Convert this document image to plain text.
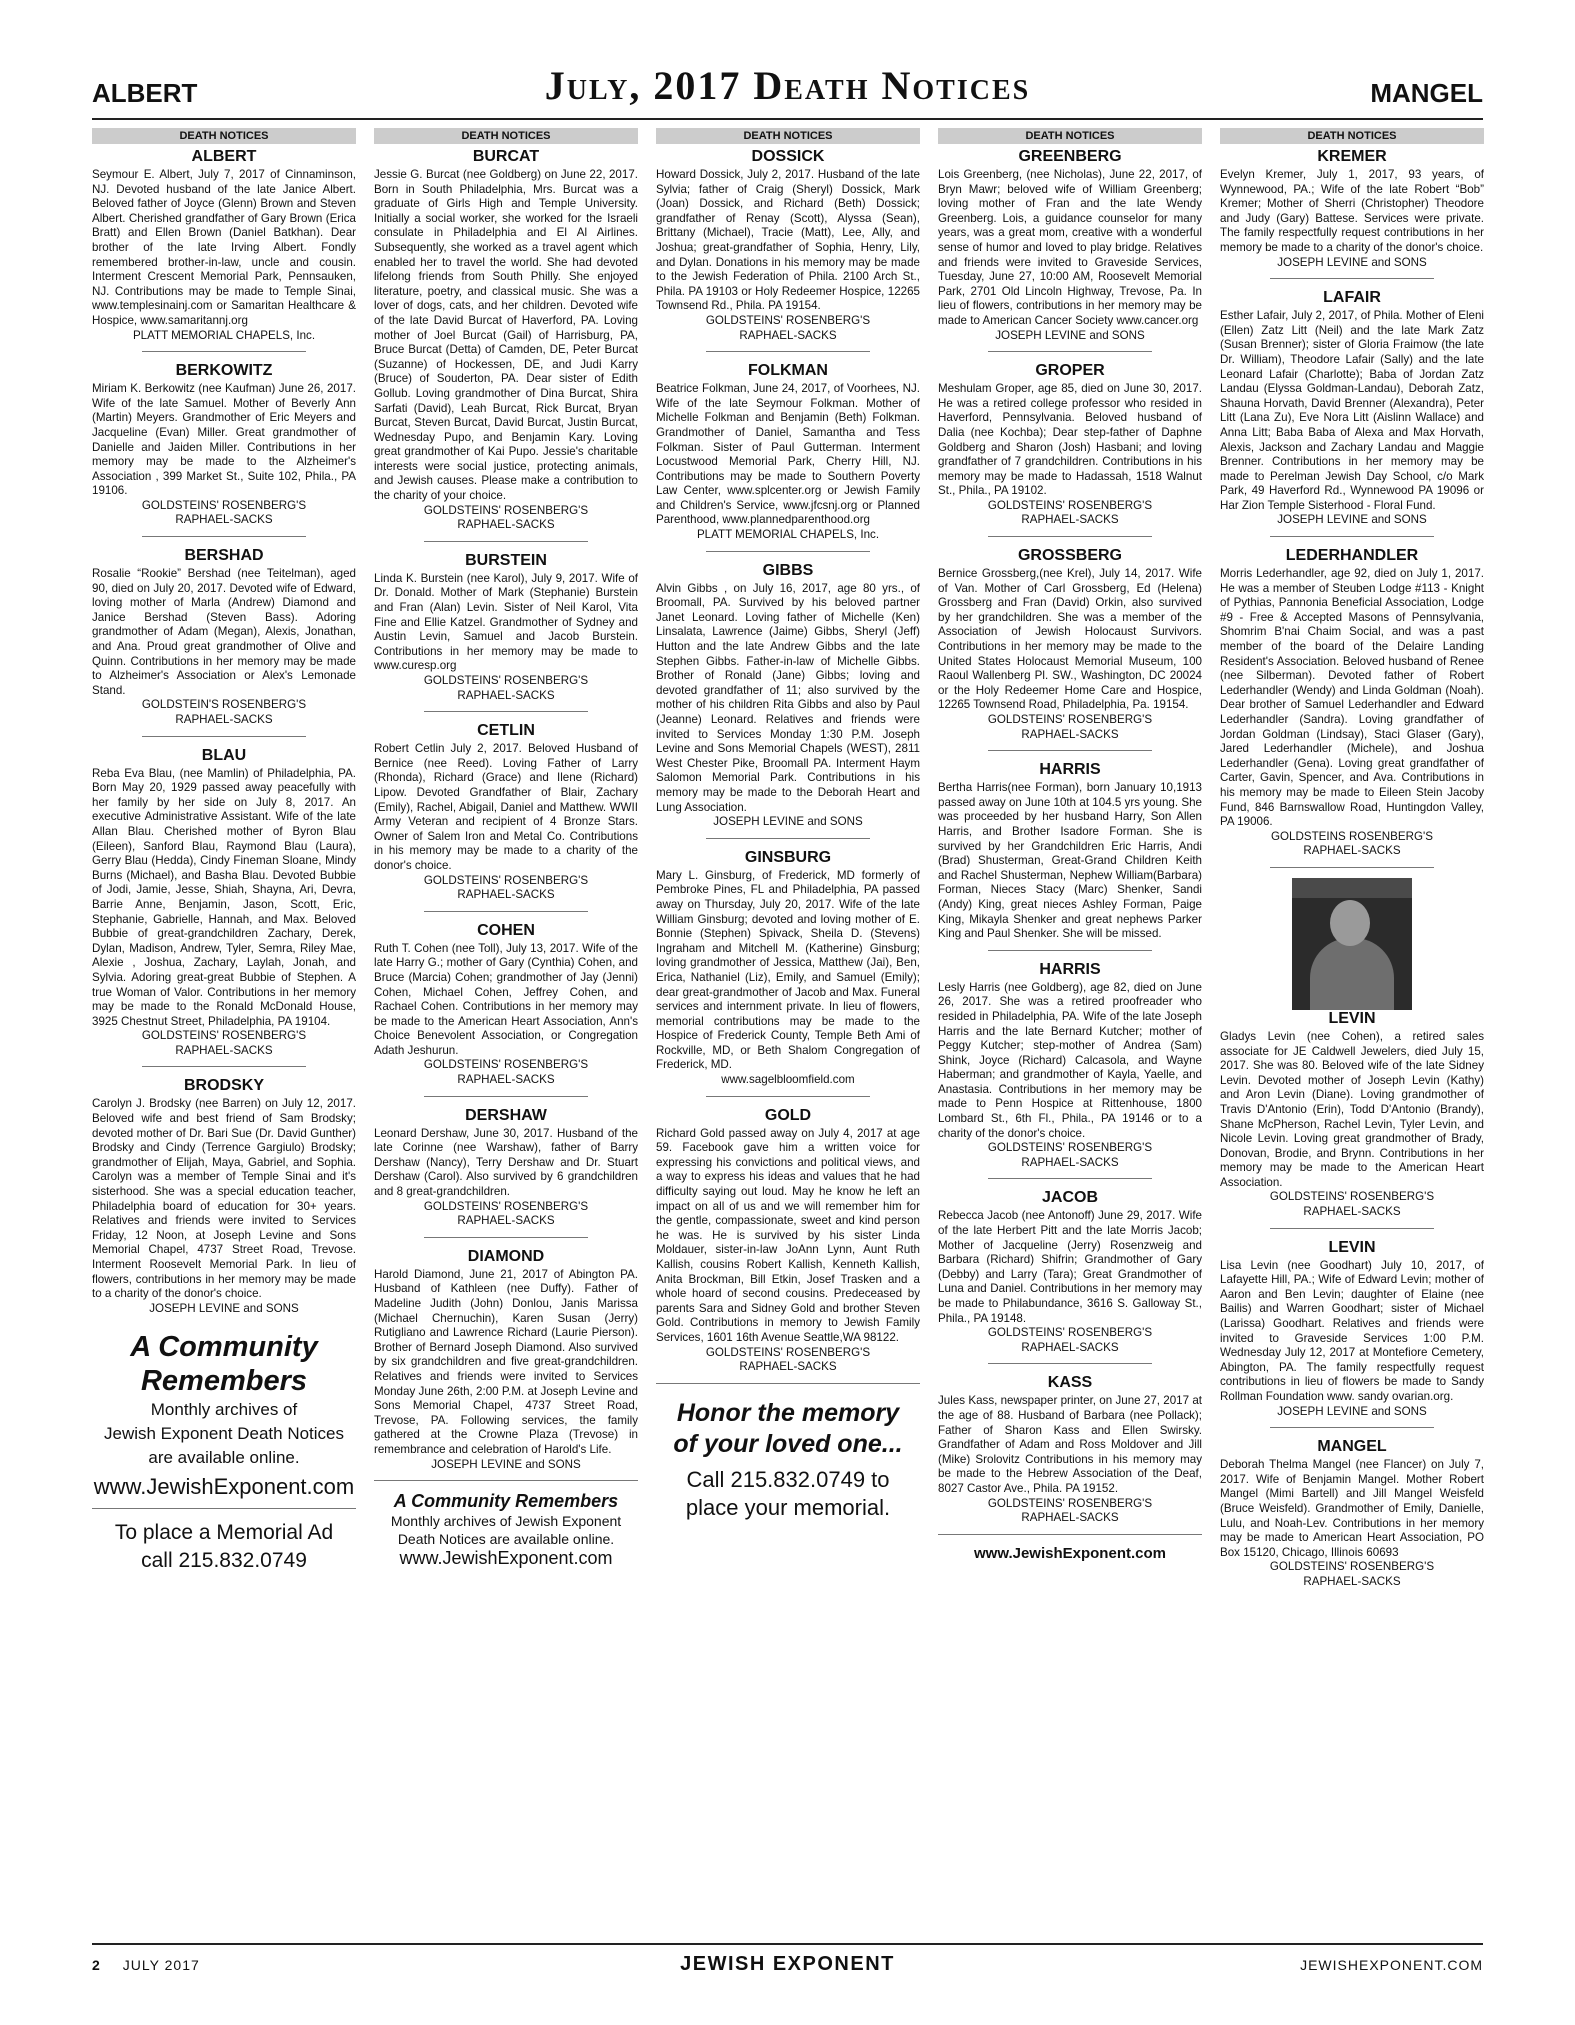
ALBERT	July, 2017 Death Notices	MANGEL
DEATH NOTICES
ALBERT
Seymour E. Albert, July 7, 2017 of Cinnaminson, NJ. Devoted husband of the late Janice Albert. Beloved father of Joyce (Glenn) Brown and Steven Albert. Cherished grandfather of Gary Brown (Erica Bratt) and Ellen Brown (Daniel Batkhan). Dear brother of the late Irving Albert. Fondly remembered brother-in-law, uncle and cousin. Interment Crescent Memorial Park, Pennsauken, NJ. Contributions may be made to Temple Sinai, www.templesinainj.com or Samaritan Healthcare & Hospice, www.samaritannj.org
PLATT MEMORIAL CHAPELS, Inc.
BERKOWITZ
Miriam K. Berkowitz (nee Kaufman) June 26, 2017. Wife of the late Samuel. Mother of Beverly Ann (Martin) Meyers. Grandmother of Eric Meyers and Jacqueline (Evan) Miller. Great grandmother of Danielle and Jaiden Miller. Contributions in her memory may be made to the Alzheimer's Association , 399 Market St., Suite 102, Phila., PA 19106.
GOLDSTEINS' ROSENBERG'S
RAPHAEL-SACKS
BERSHAD
Rosalie “Rookie” Bershad (nee Teitelman), aged 90, died on July 20, 2017. Devoted wife of Edward, loving mother of Marla (Andrew) Diamond and Janice Bershad (Steven Bass). Adoring grandmother of Adam (Megan), Alexis, Jonathan, and Ana. Proud great grandmother of Olive and Quinn. Contributions in her memory may be made to Alzheimer's Association or Alex's Lemonade Stand.
GOLDSTEIN'S ROSENBERG'S
RAPHAEL-SACKS
BLAU
Reba Eva Blau, (nee Mamlin) of Philadelphia, PA. Born May 20, 1929 passed away peacefully with her family by her side on July 8, 2017. An executive Administrative Assistant. Wife of the late Allan Blau. Cherished mother of Byron Blau (Eileen), Sanford Blau, Raymond Blau (Laura), Gerry Blau (Hedda), Cindy Fineman Sloane, Mindy Burns (Michael), and Basha Blau. Devoted Bubbie of Jodi, Jamie, Jesse, Shiah, Shayna, Ari, Devra, Barrie Anne, Benjamin, Jason, Scott, Eric, Stephanie, Gabrielle, Hannah, and Max. Beloved Bubbie of great-grandchildren Zachary, Derek, Dylan, Madison, Andrew, Tyler, Semra, Riley Mae, Alexie , Joshua, Zachary, Laylah, Jonah, and Sylvia. Adoring great-great Bubbie of Stephen. A true Woman of Valor. Contributions in her memory may be made to the Ronald McDonald House, 3925 Chestnut Street, Philadelphia, PA 19104.
GOLDSTEINS' ROSENBERG'S
RAPHAEL-SACKS
BRODSKY
Carolyn J. Brodsky (nee Barren) on July 12, 2017. Beloved wife and best friend of Sam Brodsky; devoted mother of Dr. Bari Sue (Dr. David Gunther) Brodsky and Cindy (Terrence Gargiulo) Brodsky; grandmother of Elijah, Maya, Gabriel, and Sophia. Carolyn was a member of Temple Sinai and it's sisterhood. She was a special education teacher, Philadelphia board of education for 30+ years. Relatives and friends were invited to Services Friday, 12 Noon, at Joseph Levine and Sons Memorial Chapel, 4737 Street Road, Trevose. Interment Roosevelt Memorial Park. In lieu of flowers, contributions in her memory may be made to a charity of the donor's choice.
JOSEPH LEVINE and SONS
A Community
Remembers
Monthly archives of
Jewish Exponent Death Notices
are available online.
www.JewishExponent.com
To place a Memorial Ad
call 215.832.0749
DEATH NOTICES
BURCAT
Jessie G. Burcat (nee Goldberg) on June 22, 2017. Born in South Philadelphia, Mrs. Burcat was a graduate of Girls High and Temple University. Initially a social worker, she worked for the Israeli consulate in Philadelphia and El Al Airlines. Subsequently, she worked as a travel agent which enabled her to travel the world. She had devoted lifelong friends from South Philly. She enjoyed literature, poetry, and classical music. She was a lover of dogs, cats, and her children. Devoted wife of the late David Burcat of Haverford, PA. Loving mother of Joel Burcat (Gail) of Harrisburg, PA, Bruce Burcat (Detta) of Camden, DE, Peter Burcat (Suzanne) of Hockessen, DE, and Judi Karry (Bruce) of Souderton, PA. Dear sister of Edith Gollub. Loving grandmother of Dina Burcat, Shira Sarfati (David), Leah Burcat, Rick Burcat, Bryan Burcat, Steven Burcat, David Burcat, Justin Burcat, Wednesday Pupo, and Benjamin Kary. Loving great grandmother of Kai Pupo. Jessie's charitable interests were social justice, protecting animals, and Jewish causes. Please make a contribution to the charity of your choice.
GOLDSTEINS' ROSENBERG'S
RAPHAEL-SACKS
BURSTEIN
Linda K. Burstein (nee Karol), July 9, 2017. Wife of Dr. Donald. Mother of Mark (Stephanie) Burstein and Fran (Alan) Levin. Sister of Neil Karol, Vita Fine and Ellie Katzel. Grandmother of Sydney and Austin Levin, Samuel and Jacob Burstein. Contributions in her memory may be made to www.curesp.org
GOLDSTEINS' ROSENBERG'S
RAPHAEL-SACKS
CETLIN
Robert Cetlin July 2, 2017. Beloved Husband of Bernice (nee Reed). Loving Father of Larry (Rhonda), Richard (Grace) and Ilene (Richard) Lipow. Devoted Grandfather of Blair, Zachary (Emily), Rachel, Abigail, Daniel and Matthew. WWII Army Veteran and recipient of 4 Bronze Stars. Owner of Salem Iron and Metal Co. Contributions in his memory may be made to a charity of the donor's choice.
GOLDSTEINS' ROSENBERG'S
RAPHAEL-SACKS
COHEN
Ruth T. Cohen (nee Toll), July 13, 2017. Wife of the late Harry G.; mother of Gary (Cynthia) Cohen, and Bruce (Marcia) Cohen; grandmother of Jay (Jenni) Cohen, Michael Cohen, Jeffrey Cohen, and Rachael Cohen. Contributions in her memory may be made to the American Heart Association, Ann's Choice Benevolent Association, or Congregation Adath Jeshurun.
GOLDSTEINS' ROSENBERG'S
RAPHAEL-SACKS
DERSHAW
Leonard Dershaw, June 30, 2017. Husband of the late Corinne (nee Warshaw), father of Barry Dershaw (Nancy), Terry Dershaw and Dr. Stuart Dershaw (Carol). Also survived by 6 grandchildren and 8 great-grandchildren.
GOLDSTEINS' ROSENBERG'S
RAPHAEL-SACKS
DIAMOND
Harold Diamond, June 21, 2017 of Abington PA. Husband of Kathleen (nee Duffy). Father of Madeline Judith (John) Donlou, Janis Marissa (Michael Chernuchin), Karen Susan (Jerry) Rutigliano and Lawrence Richard (Laurie Pierson). Brother of Bernard Joseph Diamond. Also survived by six grandchildren and five great-grandchildren. Relatives and friends were invited to Services Monday June 26th, 2:00 P.M. at Joseph Levine and Sons Memorial Chapel, 4737 Street Road, Trevose, PA. Following services, the family gathered at the Crowne Plaza (Trevose) in remembrance and celebration of Harold's Life.
JOSEPH LEVINE and SONS
A Community Remembers
Monthly archives of Jewish Exponent
Death Notices are available online.
www.JewishExponent.com
DEATH NOTICES
DOSSICK
Howard Dossick, July 2, 2017. Husband of the late Sylvia; father of Craig (Sheryl) Dossick, Mark (Joan) Dossick, and Richard (Beth) Dossick; grandfather of Renay (Scott), Alyssa (Sean), Brittany (Michael), Tracie (Matt), Lee, Ally, and Joshua; great-grandfather of Sophia, Henry, Lily, and Dylan. Donations in his memory may be made to the Jewish Federation of Phila. 2100 Arch St., Phila. PA 19103 or Holy Redeemer Hospice, 12265 Townsend Rd., Phila. PA 19154.
GOLDSTEINS' ROSENBERG'S
RAPHAEL-SACKS
FOLKMAN
Beatrice Folkman, June 24, 2017, of Voorhees, NJ. Wife of the late Seymour Folkman. Mother of Michelle Folkman and Benjamin (Beth) Folkman. Grandmother of Daniel, Samantha and Tess Folkman. Sister of Paul Gutterman. Interment Locustwood Memorial Park, Cherry Hill, NJ. Contributions may be made to Southern Poverty Law Center, www.splcenter.org or Jewish Family and Children's Service, www.jfcsnj.org or Planned Parenthood, www.plannedparenthood.org
PLATT MEMORIAL CHAPELS, Inc.
GIBBS
Alvin Gibbs , on July 16, 2017, age 80 yrs., of Broomall, PA. Survived by his beloved partner Janet Leonard. Loving father of Michelle (Ken) Linsalata, Lawrence (Jaime) Gibbs, Sheryl (Jeff) Hutton and the late Andrew Gibbs and the late Stephen Gibbs. Father-in-law of Michelle Gibbs. Brother of Ronald (Jane) Gibbs; loving and devoted grandfather of 11; also survived by the mother of his children Rita Gibbs and also by Paul (Jeanne) Leonard. Relatives and friends were invited to Services Monday 1:30 P.M. Joseph Levine and Sons Memorial Chapels (WEST), 2811 West Chester Pike, Broomall PA. Interment Haym Salomon Memorial Park. Contributions in his memory may be made to the Deborah Heart and Lung Association.
JOSEPH LEVINE and SONS
GINSBURG
Mary L. Ginsburg, of Frederick, MD formerly of Pembroke Pines, FL and Philadelphia, PA passed away on Thursday, July 20, 2017. Wife of the late William Ginsburg; devoted and loving mother of E. Bonnie (Stephen) Spivack, Sheila D. (Stevens) Ingraham and Mitchell M. (Katherine) Ginsburg; loving grandmother of Jessica, Matthew (Jai), Ben, Erica, Nathaniel (Liz), Emily, and Samuel (Emily); dear great-grandmother of Jacob and Max. Funeral services and internment private. In lieu of flowers, memorial contributions may be made to the Hospice of Frederick County, Temple Beth Ami of Rockville, MD, or Beth Shalom Congregation of Frederick, MD.
www.sagelbloomfield.com
GOLD
Richard Gold passed away on July 4, 2017 at age 59. Facebook gave him a written voice for expressing his convictions and political views, and a way to express his ideas and values that he had difficulty saying out loud. May he know he left an impact on all of us and we will remember him for the gentle, compassionate, sweet and kind person he was. He is survived by his sister Linda Moldauer, sister-in-law JoAnn Lynn, Aunt Ruth Kallish, cousins Robert Kallish, Kenneth Kallish, Anita Brockman, Bill Etkin, Josef Trasken and a whole hoard of second cousins. Predeceased by parents Sara and Sidney Gold and brother Steven Gold. Contributions in memory to Jewish Family Services, 1601 16th Avenue Seattle,WA 98122.
GOLDSTEINS' ROSENBERG'S
RAPHAEL-SACKS
Honor the memory
of your loved one...
Call 215.832.0749 to
place your memorial.
DEATH NOTICES
GREENBERG
Lois Greenberg, (nee Nicholas), June 22, 2017, of Bryn Mawr; beloved wife of William Greenberg; loving mother of Fran and the late Wendy Greenberg. Lois, a guidance counselor for many years, was a great mom, creative with a wonderful sense of humor and loved to play bridge. Relatives and friends were invited to Graveside Services, Tuesday, June 27, 10:00 AM, Roosevelt Memorial Park, 2701 Old Lincoln Highway, Trevose, Pa. In lieu of flowers, contributions in her memory may be made to American Cancer Society www.cancer.org
JOSEPH LEVINE and SONS
GROPER
Meshulam Groper, age 85, died on June 30, 2017. He was a retired college professor who resided in Haverford, Pennsylvania. Beloved husband of Dalia (nee Kochba); Dear step-father of Daphne Goldberg and Sharon (Josh) Hasbani; and loving grandfather of 7 grandchildren. Contributions in his memory may be made to Hadassah, 1518 Walnut St., Phila., PA 19102.
GOLDSTEINS' ROSENBERG'S
RAPHAEL-SACKS
GROSSBERG
Bernice Grossberg,(nee Krel), July 14, 2017. Wife of Van. Mother of Carl Grossberg, Ed (Helena) Grossberg and Fran (David) Orkin, also survived by her grandchildren. She was a member of the Association of Jewish Holocaust Survivors. Contributions in her memory may be made to the United States Holocaust Memorial Museum, 100 Raoul Wallenberg Pl. SW., Washington, DC 20024 or the Holy Redeemer Home Care and Hospice, 12265 Townsend Road, Philadelphia, Pa. 19154.
GOLDSTEINS' ROSENBERG'S
RAPHAEL-SACKS
HARRIS
Bertha Harris(nee Forman), born January 10,1913 passed away on June 10th at 104.5 yrs young. She was proceeded by her husband Harry, Son Allen Harris, and Brother Isadore Forman. She is survived by her Grandchildren Eric Harris, Andi (Brad) Shusterman, Great-Grand Children Keith and Rachel Shusterman, Nephew William(Barbara) Forman, Nieces Stacy (Marc) Shenker, Sandi (Andy) King, great nieces Ashley Forman, Paige King, Mikayla Shenker and great nephews Parker King and Paul Shenker. She will be missed.
HARRIS
Lesly Harris (nee Goldberg), age 82, died on June 26, 2017. She was a retired proofreader who resided in Philadelphia, PA. Wife of the late Joseph Harris and the late Bernard Kutcher; mother of Peggy Kutcher; step-mother of Andrea (Sam) Shink, Joyce (Richard) Calcasola, and Wayne Haberman; and grandmother of Kayla, Yaelle, and Anastasia. Contributions in her memory may be made to Penn Hospice at Rittenhouse, 1800 Lombard St., 6th Fl., Phila., PA 19146 or to a charity of the donor's choice.
GOLDSTEINS' ROSENBERG'S
RAPHAEL-SACKS
JACOB
Rebecca Jacob (nee Antonoff) June 29, 2017. Wife of the late Herbert Pitt and the late Morris Jacob; Mother of Jacqueline (Jerry) Rosenzweig and Barbara (Richard) Shifrin; Grandmother of Gary (Debby) and Larry (Tara); Great Grandmother of Luna and Daniel. Contributions in her memory may be made to Philabundance, 3616 S. Galloway St., Phila., PA 19148.
GOLDSTEINS' ROSENBERG'S
RAPHAEL-SACKS
KASS
Jules Kass, newspaper printer, on June 27, 2017 at the age of 88. Husband of Barbara (nee Pollack); Father of Sharon Kass and Ellen Swirsky. Grandfather of Adam and Ross Moldover and Jill (Mike) Srolovitz Contributions in his memory may be made to the Hebrew Association of the Deaf, 8027 Castor Ave., Phila. PA 19152.
GOLDSTEINS' ROSENBERG'S
RAPHAEL-SACKS
www.JewishExponent.com
DEATH NOTICES
KREMER
Evelyn Kremer, July 1, 2017, 93 years, of Wynnewood, PA.; Wife of the late Robert “Bob” Kremer; Mother of Sherri (Christopher) Theodore and Judy (Gary) Battese. Services were private. The family respectfully request contributions in her memory be made to a charity of the donor's choice.
JOSEPH LEVINE and SONS
LAFAIR
Esther Lafair, July 2, 2017, of Phila. Mother of Eleni (Ellen) Zatz Litt (Neil) and the late Mark Zatz (Susan Brenner); sister of Gloria Fraimow (the late Dr. William), Theodore Lafair (Sally) and the late Leonard Lafair (Charlotte); Baba of Jordan Zatz Landau (Elyssa Goldman-Landau), Deborah Zatz, Shauna Horvath, David Brenner (Alexandra), Peter Litt (Lana Zu), Eve Nora Litt (Aislinn Wallace) and Anna Litt; Baba Baba of Alexa and Max Horvath, Alexis, Jackson and Zachary Landau and Maggie Brenner. Contributions in her memory may be made to Perelman Jewish Day School, c/o Mark Park, 49 Haverford Rd., Wynnewood PA 19096 or Har Zion Temple Sisterhood - Floral Fund.
JOSEPH LEVINE and SONS
LEDERHANDLER
Morris Lederhandler, age 92, died on July 1, 2017. He was a member of Steuben Lodge #113 - Knight of Pythias, Pannonia Beneficial Association, Lodge #9 - Free & Accepted Masons of Pennsylvania, Shomrim B'nai Chaim Social, and was a past member of the board of the Delaire Landing Resident's Association. Beloved husband of Renee (nee Silberman). Devoted father of Robert Lederhandler (Wendy) and Linda Goldman (Noah). Dear brother of Samuel Lederhandler and Edward Lederhandler (Sandra). Loving grandfather of Jordan Goldman (Lindsay), Staci Glaser (Gary), Jared Lederhandler (Michele), and Joshua Lederhandler (Gena). Loving great grandfather of Carter, Gavin, Spencer, and Ava. Contributions in his memory may be made to Eileen Stein Jacoby Fund, 846 Barnswallow Road, Huntingdon Valley, PA 19006.
GOLDSTEINS ROSENBERG'S
RAPHAEL-SACKS
LEVIN
Gladys Levin (nee Cohen), a retired sales associate for JE Caldwell Jewelers, died July 15, 2017. She was 80. Beloved wife of the late Sidney Levin. Devoted mother of Joseph Levin (Kathy) and Aron Levin (Diane). Loving grandmother of Travis D'Antonio (Erin), Todd D'Antonio (Brandy), Shane McPherson, Rachel Levin, Tyler Levin, and Nicole Levin. Loving great grandmother of Brady, Donovan, Brodie, and Brynn. Contributions in her memory may be made to the American Heart Association.
GOLDSTEINS' ROSENBERG'S
RAPHAEL-SACKS
LEVIN
Lisa Levin (nee Goodhart) July 10, 2017, of Lafayette Hill, PA.; Wife of Edward Levin; mother of Aaron and Ben Levin; daughter of Elaine (nee Bailis) and Warren Goodhart; sister of Michael (Larissa) Goodhart. Relatives and friends were invited to Graveside Services 1:00 P.M. Wednesday July 12, 2017 at Montefiore Cemetery, Abington, PA. The family respectfully request contributions in lieu of flowers be made to Sandy Rollman Foundation www. sandy ovarian.org.
JOSEPH LEVINE and SONS
MANGEL
Deborah Thelma Mangel (nee Flancer) on July 7, 2017. Wife of Benjamin Mangel. Mother Robert Mangel (Mimi Bartell) and Jill Mangel Weisfeld (Bruce Weisfeld). Grandmother of Emily, Danielle, Lulu, and Noah-Lev. Contributions in her memory may be made to American Heart Association, PO Box 15120, Chicago, Illinois 60693
GOLDSTEINS' ROSENBERG'S
RAPHAEL-SACKS
2 JULY 2017	JEWISH EXPONENT	JEWISHEXPONENT.COM
